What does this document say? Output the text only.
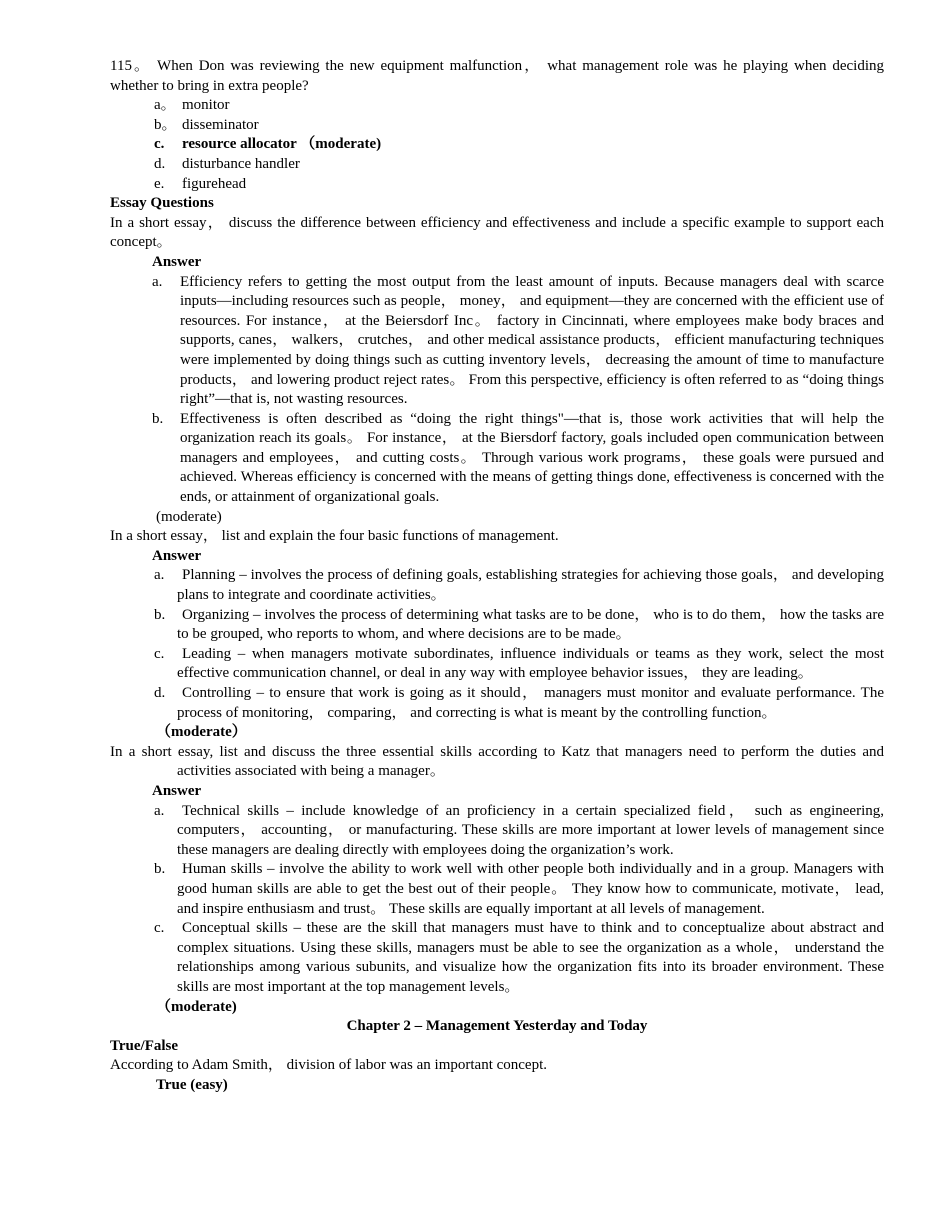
115。 When Don was reviewing the new equipment malfunction， what management role was he playing when deciding whether to bring in extra people?

a。 monitor
b。 disseminator
c.	resource allocator （moderate)
d.	disturbance handler
e.	figurehead

Essay Questions

In a short essay， discuss the difference between efficiency and effectiveness and include a specific example to support each concept。

Answer

a.	Efficiency refers to getting the most output from the least amount of inputs. Because managers deal with scarce inputs—including resources such as people， money， and equipment—they are concerned with the efficient use of resources. For instance， at the Beiersdorf Inc。 factory in Cincinnati, where employees make body braces and supports, canes， walkers， crutches， and other medical assistance products， efficient manufacturing techniques were implemented by doing things such as cutting inventory levels， decreasing the amount of time to manufacture products， and lowering product reject rates。 From this perspective, efficiency is often referred to as “doing things right”—that is, not wasting resources.
b.	Effectiveness is often described as “doing the right things"—that is, those work activities that will help the organization reach its goals。 For instance， at the Biersdorf factory, goals included open communication between managers and employees， and cutting costs。 Through various work programs， these goals were pursued and achieved. Whereas efficiency is concerned with the means of getting things done, effectiveness is concerned with the ends, or attainment of organizational goals.

(moderate)

In a short essay， list and explain the four basic functions of management.

Answer

a.	Planning – involves the process of defining goals, establishing strategies for achieving those goals， and developing plans to integrate and coordinate activities。
b.	Organizing – involves the process of determining what tasks are to be done， who is to do them， how the tasks are to be grouped, who reports to whom, and where decisions are to be made。
c.	Leading – when managers motivate subordinates, influence individuals or teams as they work, select the most effective communication channel, or deal in any way with employee behavior issues， they are leading。
d.	Controlling – to ensure that work is going as it should， managers must monitor and evaluate performance. The process of monitoring， comparing， and correcting is what is meant by the controlling function。

（moderate）

In a short essay, list and discuss the three essential skills according to Katz that managers need to perform the duties and activities associated with being a manager。

Answer

a.	Technical skills – include knowledge of an proficiency in a certain specialized field， such as engineering, computers， accounting， or manufacturing. These skills are more important at lower levels of management since these managers are dealing directly with employees doing the organization’s work.
b.	Human skills – involve the ability to work well with other people both individually and in a group. Managers with good human skills are able to get the best out of their people。 They know how to communicate, motivate， lead, and inspire enthusiasm and trust。 These skills are equally important at all levels of management.
c.	Conceptual skills – these are the skill that managers must have to think and to conceptualize about abstract and complex situations. Using these skills, managers must be able to see the organization as a whole， understand the relationships among various subunits, and visualize how the organization fits into its broader environment. These skills are most important at the top management levels。

（moderate)

Chapter 2 – Management Yesterday and Today

True/False

According to Adam Smith， division of labor was an important concept.

True (easy)
